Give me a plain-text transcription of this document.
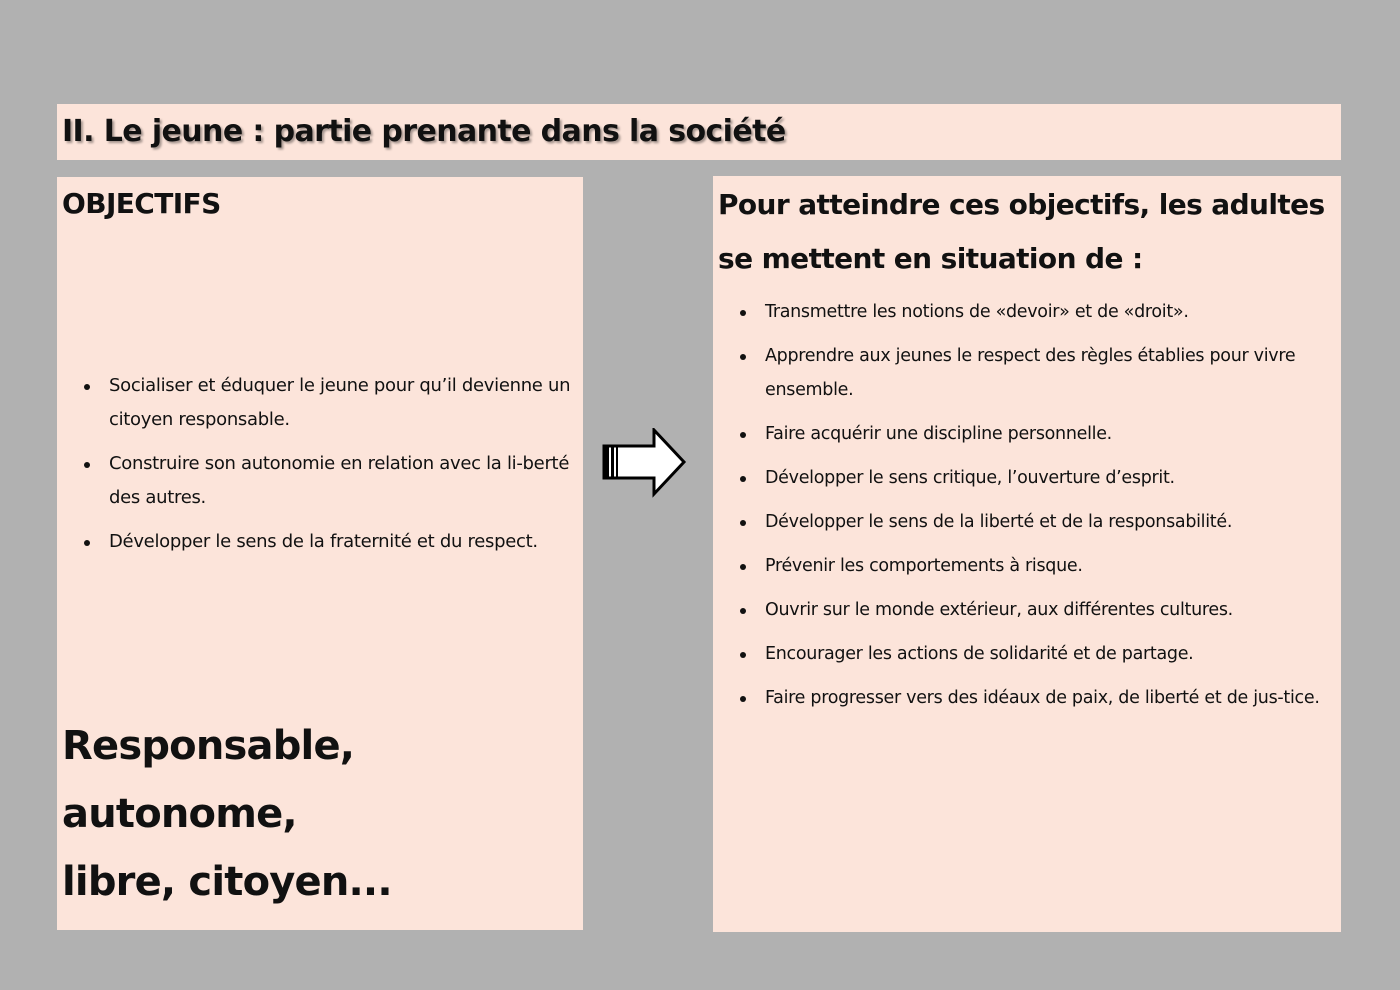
II. Le jeune : partie prenante dans la société
OBJECTIFS
Socialiser et éduquer le jeune pour qu’il devienne un citoyen responsable.
Construire son autonomie en relation avec la li-berté des autres.
Développer le sens de la fraternité et du respect.

Responsable, autonome,
libre, citoyen...

Pour atteindre ces objectifs, les adultes se mettent en situation de :
Transmettre les notions de «devoir» et de «droit».
Apprendre aux jeunes le respect des règles établies pour vivre ensemble.
Faire acquérir une discipline personnelle.
Développer le sens critique, l’ouverture d’esprit.
Développer le sens de la liberté et de la responsabilité.
Prévenir les comportements à risque.
Ouvrir sur le monde extérieur, aux différentes cultures.
Encourager les actions de solidarité et de partage.
Faire progresser vers des idéaux de paix, de liberté et de jus-tice.
